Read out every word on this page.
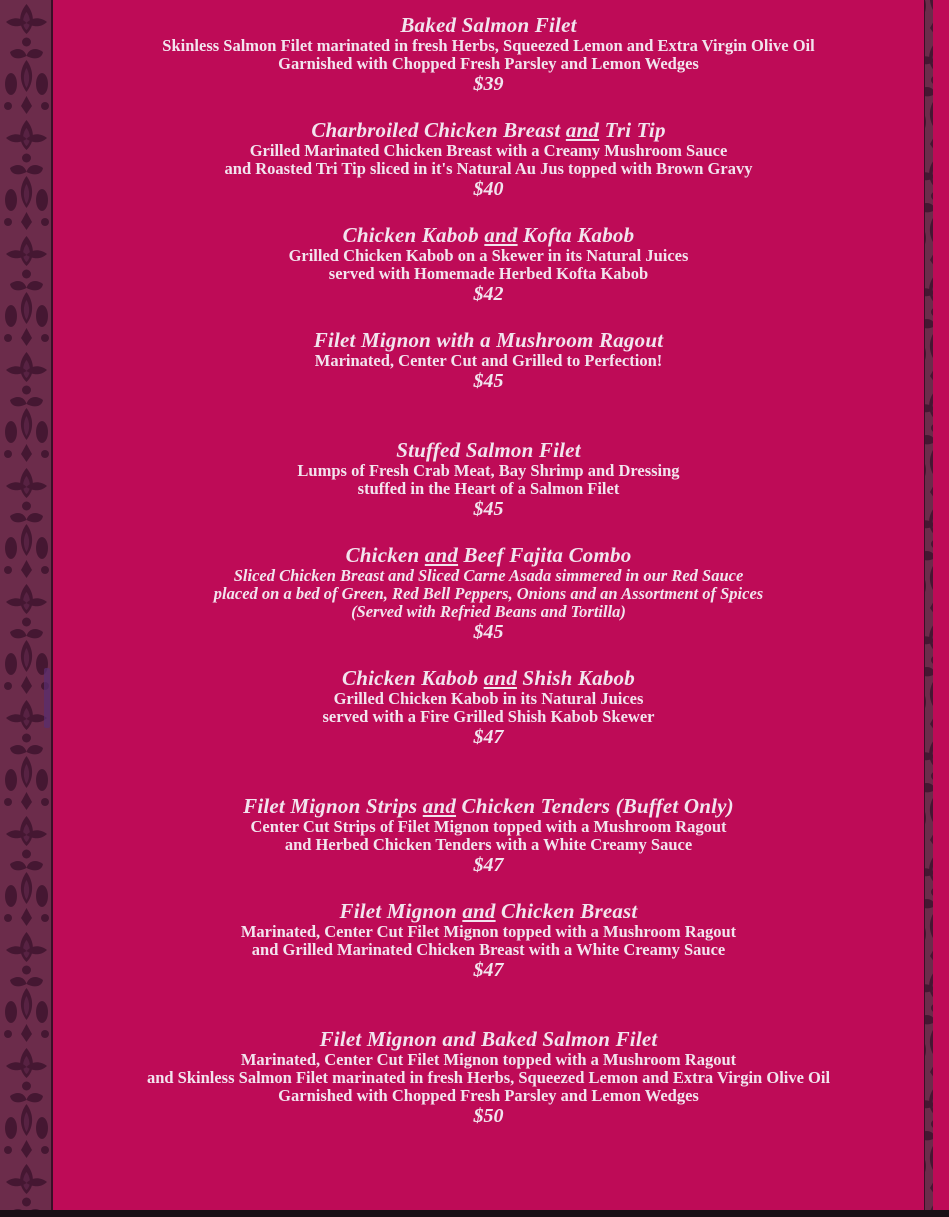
Baked Salmon Filet
Skinless Salmon Filet marinated in fresh Herbs, Squeezed Lemon and Extra Virgin Olive Oil
Garnished with Chopped Fresh Parsley and Lemon Wedges
$39
Charbroiled Chicken Breast and Tri Tip
Grilled Marinated Chicken Breast with a Creamy Mushroom Sauce
and Roasted Tri Tip sliced in it's Natural Au Jus topped with Brown Gravy
$40
Chicken Kabob and Kofta Kabob
Grilled Chicken Kabob on a Skewer in its Natural Juices
served with Homemade Herbed Kofta Kabob
$42
Filet Mignon with a Mushroom Ragout
Marinated, Center Cut and Grilled to Perfection!
$45
Stuffed Salmon Filet
Lumps of Fresh Crab Meat, Bay Shrimp and Dressing
stuffed in the Heart of a Salmon Filet
$45
Chicken and Beef Fajita Combo
Sliced Chicken Breast and Sliced Carne Asada simmered in our Red Sauce
placed on a bed of Green, Red Bell Peppers, Onions and an Assortment of Spices
(Served with Refried Beans and Tortilla)
$45
Chicken Kabob and Shish Kabob
Grilled Chicken Kabob in its Natural Juices
served with a Fire Grilled Shish Kabob Skewer
$47
Filet Mignon Strips and Chicken Tenders (Buffet Only)
Center Cut Strips of Filet Mignon topped with a Mushroom Ragout
and Herbed Chicken Tenders with a White Creamy Sauce
$47
Filet Mignon and Chicken Breast
Marinated, Center Cut Filet Mignon topped with a Mushroom Ragout
and Grilled Marinated Chicken Breast with a White Creamy Sauce
$47
Filet Mignon and Baked Salmon Filet
Marinated, Center Cut Filet Mignon topped with a Mushroom Ragout
and Skinless Salmon Filet marinated in fresh Herbs, Squeezed Lemon and Extra Virgin Olive Oil
Garnished with Chopped Fresh Parsley and Lemon Wedges
$50
